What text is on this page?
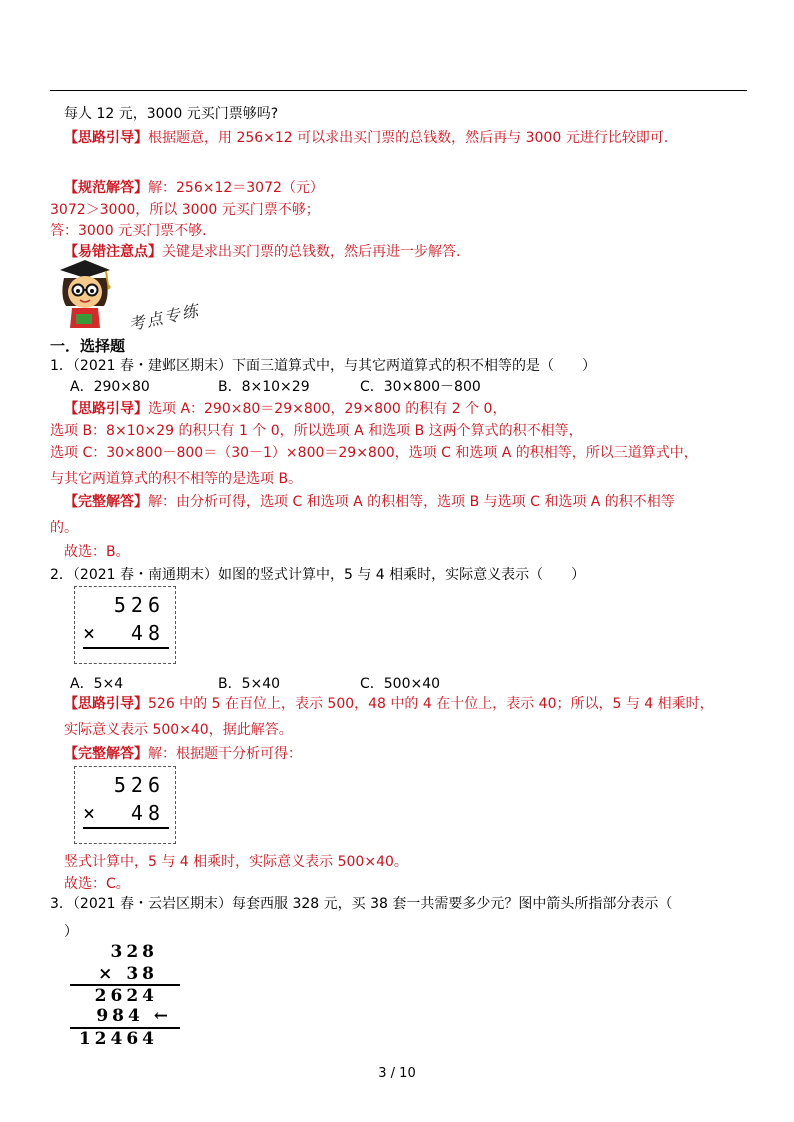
每人 12 元，3000 元买门票够吗?
【思路引导】根据题意，用 256×12 可以求出买门票的总钱数，然后再与 3000 元进行比较即可.
【规范解答】解：256×12＝3072（元）
3072＞3000，所以 3000 元买门票不够；
答：3000 元买门票不够．
【易错注意点】关键是求出买门票的总钱数，然后再进一步解答.
考点专练
一．选择题
1．（2021 春・建邺区期末）下面三道算式中，与其它两道算式的积不相等的是（　　）
A．290×80	B．8×10×29	C．30×800－800
【思路引导】选项 A：290×80＝29×800，29×800 的积有 2 个 0，
选项 B：8×10×29 的积只有 1 个 0，所以选项 A 和选项 B 这两个算式的积不相等，
选项 C：30×800－800＝（30－1）×800＝29×800，选项 C 和选项 A 的积相等，所以三道算式中，
与其它两道算式的积不相等的是选项 B。
【完整解答】解：由分析可得，选项 C 和选项 A 的积相等，选项 B 与选项 C 和选项 A 的积不相等
的。
故选：B。
2．（2021 春・南通期末）如图的竖式计算中，5 与 4 相乘时，实际意义表示（　　）
526
× 48
A．5×4	B．5×40	C．500×40
【思路引导】526 中的 5 在百位上，表示 500，48 中的 4 在十位上，表示 40；所以，5 与 4 相乘时，
实际意义表示 500×40，据此解答。
【完整解答】解：根据题干分析可得：
526
× 48
竖式计算中，5 与 4 相乘时，实际意义表示 500×40。
故选：C。
3．（2021 春・云岩区期末）每套西服 328 元，买 38 套一共需要多少元？图中箭头所指部分表示（
）
328
× 38
2624
984 ←
12464
3 / 10
